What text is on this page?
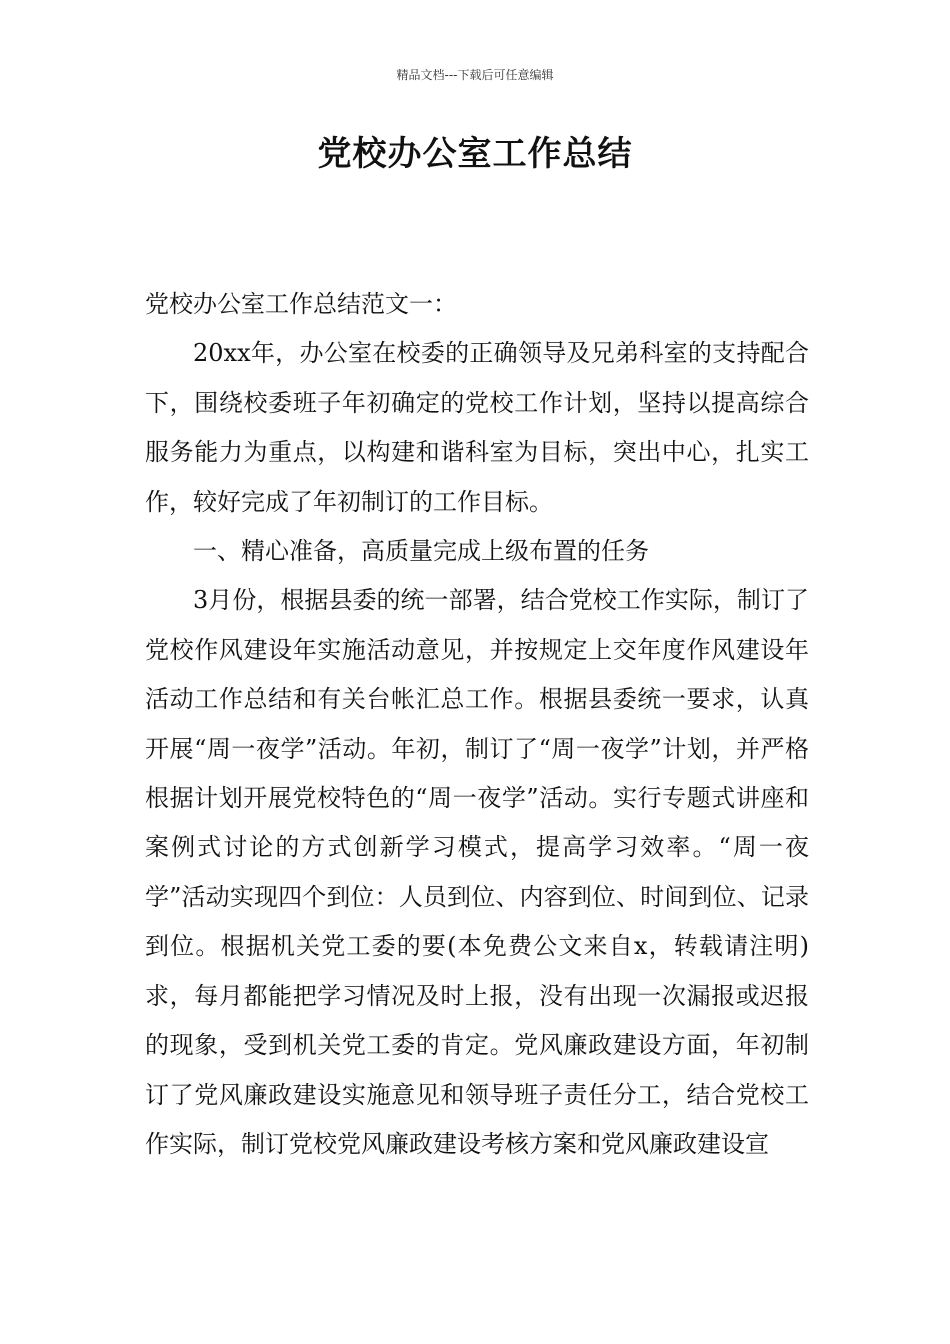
精品文档---下载后可任意编辑
党校办公室工作总结

党校办公室工作总结范文一：

20xx年，办公室在校委的正确领导及兄弟科室的支持配合下，围绕校委班子年初确定的党校工作计划，坚持以提高综合服务能力为重点，以构建和谐科室为目标，突出中心，扎实工作，较好完成了年初制订的工作目标。

一、精心准备，高质量完成上级布置的任务

3月份，根据县委的统一部署，结合党校工作实际，制订了党校作风建设年实施活动意见，并按规定上交年度作风建设年活动工作总结和有关台帐汇总工作。根据县委统一要求，认真开展“周一夜学”活动。年初，制订了“周一夜学”计划，并严格根据计划开展党校特色的“周一夜学”活动。实行专题式讲座和案例式讨论的方式创新学习模式，提高学习效率。“周一夜学”活动实现四个到位：人员到位、内容到位、时间到位、记录到位。根据机关党工委的要(本免费公文来自x，转载请注明)求，每月都能把学习情况及时上报，没有出现一次漏报或迟报的现象，受到机关党工委的肯定。党风廉政建设方面，年初制订了党风廉政建设实施意见和领导班子责任分工，结合党校工作实际，制订党校党风廉政建设考核方案和党风廉政建设宣
